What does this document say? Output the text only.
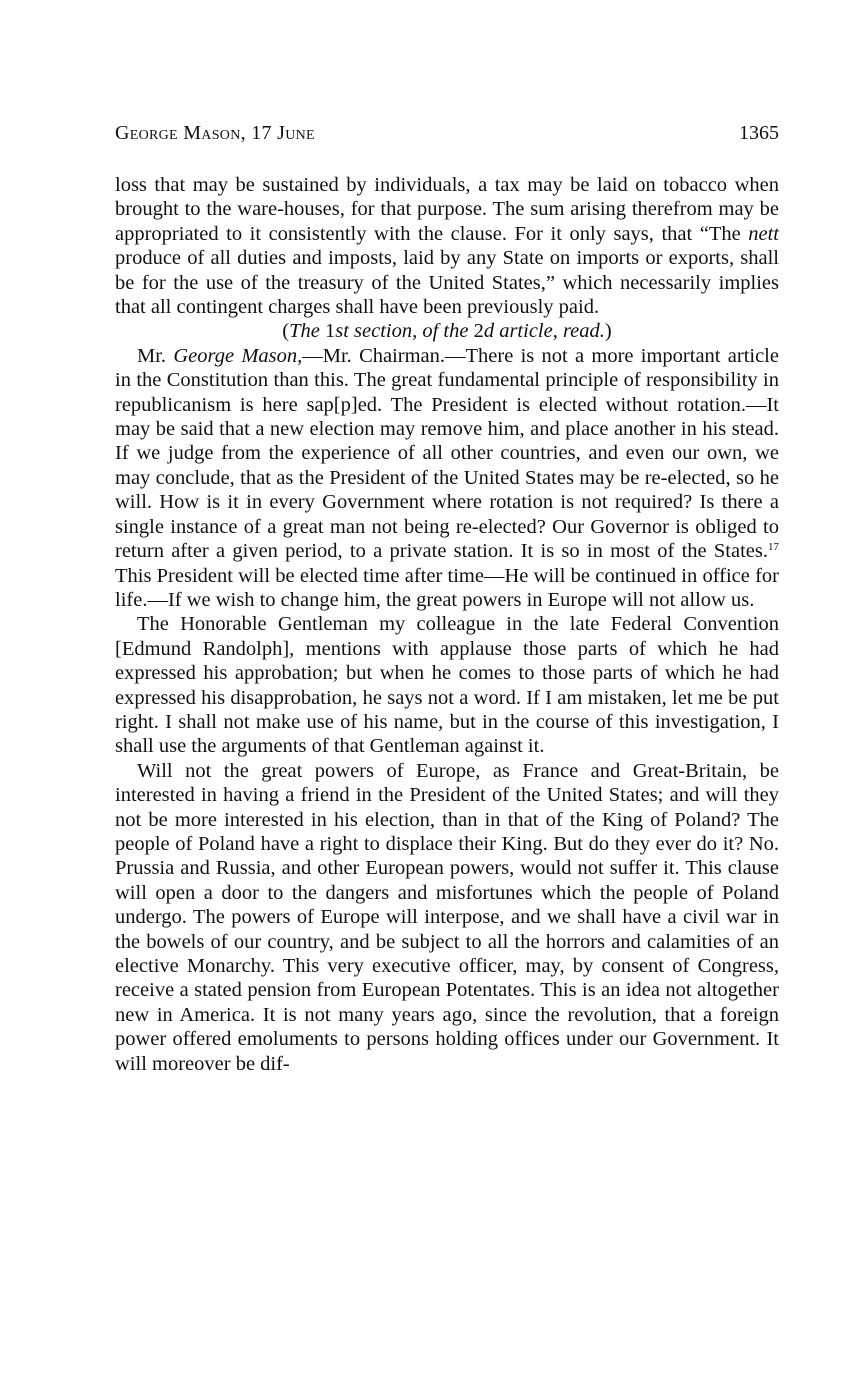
George Mason, 17 June	1365

loss that may be sustained by individuals, a tax may be laid on tobacco when brought to the ware-houses, for that purpose. The sum arising therefrom may be appropriated to it consistently with the clause. For it only says, that “The nett produce of all duties and imposts, laid by any State on imports or exports, shall be for the use of the treasury of the United States,” which necessarily implies that all contingent charges shall have been previously paid.

(The 1st section, of the 2d article, read.)

Mr. George Mason,—Mr. Chairman.—There is not a more important article in the Constitution than this. The great fundamental principle of responsibility in republicanism is here sap[p]ed. The President is elected without rotation.—It may be said that a new election may remove him, and place another in his stead. If we judge from the experience of all other countries, and even our own, we may conclude, that as the President of the United States may be re-elected, so he will. How is it in every Government where rotation is not required? Is there a single instance of a great man not being re-elected? Our Governor is obliged to return after a given period, to a private station. It is so in most of the States.$^{17}$ This President will be elected time after time—He will be continued in office for life.—If we wish to change him, the great powers in Europe will not allow us.

The Honorable Gentleman my colleague in the late Federal Convention [Edmund Randolph], mentions with applause those parts of which he had expressed his approbation; but when he comes to those parts of which he had expressed his disapprobation, he says not a word. If I am mistaken, let me be put right. I shall not make use of his name, but in the course of this investigation, I shall use the arguments of that Gentleman against it.

Will not the great powers of Europe, as France and Great-Britain, be interested in having a friend in the President of the United States; and will they not be more interested in his election, than in that of the King of Poland? The people of Poland have a right to displace their King. But do they ever do it? No. Prussia and Russia, and other European powers, would not suffer it. This clause will open a door to the dangers and misfortunes which the people of Poland undergo. The powers of Europe will interpose, and we shall have a civil war in the bowels of our country, and be subject to all the horrors and calamities of an elective Monarchy. This very executive officer, may, by consent of Congress, receive a stated pension from European Potentates. This is an idea not altogether new in America. It is not many years ago, since the revolution, that a foreign power offered emoluments to persons holding offices under our Government. It will moreover be dif-
